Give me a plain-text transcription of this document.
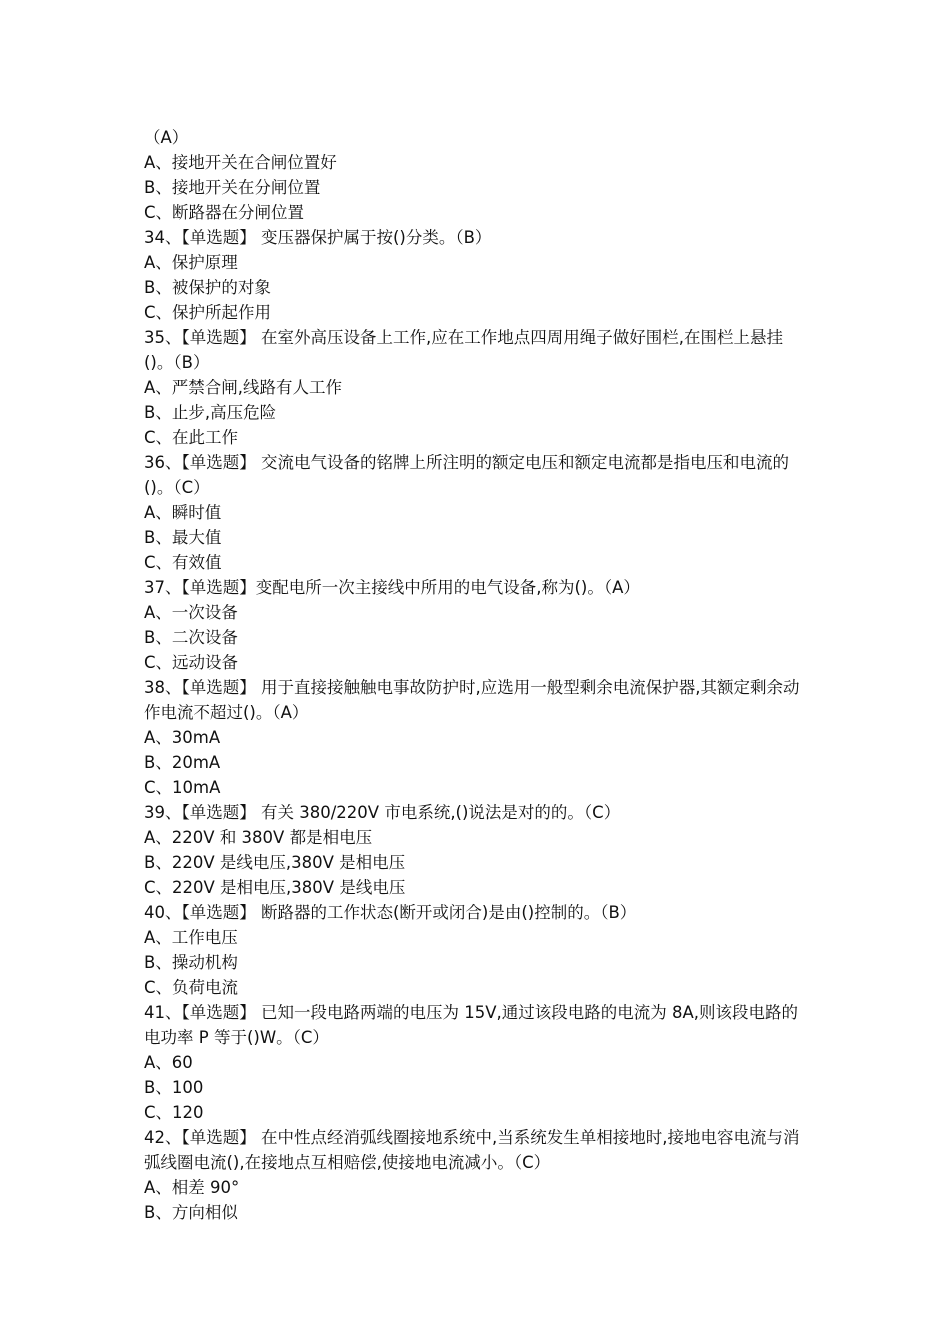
（A）
A、接地开关在合闸位置好
B、接地开关在分闸位置
C、断路器在分闸位置
34、【单选题】 变压器保护属于按()分类。（B）
A、保护原理
B、被保护的对象
C、保护所起作用
35、【单选题】 在室外高压设备上工作,应在工作地点四周用绳子做好围栏,在围栏上悬挂()。（B）
A、严禁合闸,线路有人工作
B、止步,高压危险
C、在此工作
36、【单选题】 交流电气设备的铭牌上所注明的额定电压和额定电流都是指电压和电流的()。（C）
A、瞬时值
B、最大值
C、有效值
37、【单选题】变配电所一次主接线中所用的电气设备,称为()。（A）
A、一次设备
B、二次设备
C、远动设备
38、【单选题】 用于直接接触触电事故防护时,应选用一般型剩余电流保护器,其额定剩余动作电流不超过()。（A）
A、30mA
B、20mA
C、10mA
39、【单选题】 有关 380/220V 市电系统,()说法是对的的。（C）
A、220V 和 380V 都是相电压
B、220V 是线电压,380V 是相电压
C、220V 是相电压,380V 是线电压
40、【单选题】 断路器的工作状态(断开或闭合)是由()控制的。（B）
A、工作电压
B、操动机构
C、负荷电流
41、【单选题】 已知一段电路两端的电压为 15V,通过该段电路的电流为 8A,则该段电路的电功率 P 等于()W。（C）
A、60
B、100
C、120
42、【单选题】 在中性点经消弧线圈接地系统中,当系统发生单相接地时,接地电容电流与消弧线圈电流(),在接地点互相赔偿,使接地电流减小。（C）
A、相差 90°
B、方向相似
